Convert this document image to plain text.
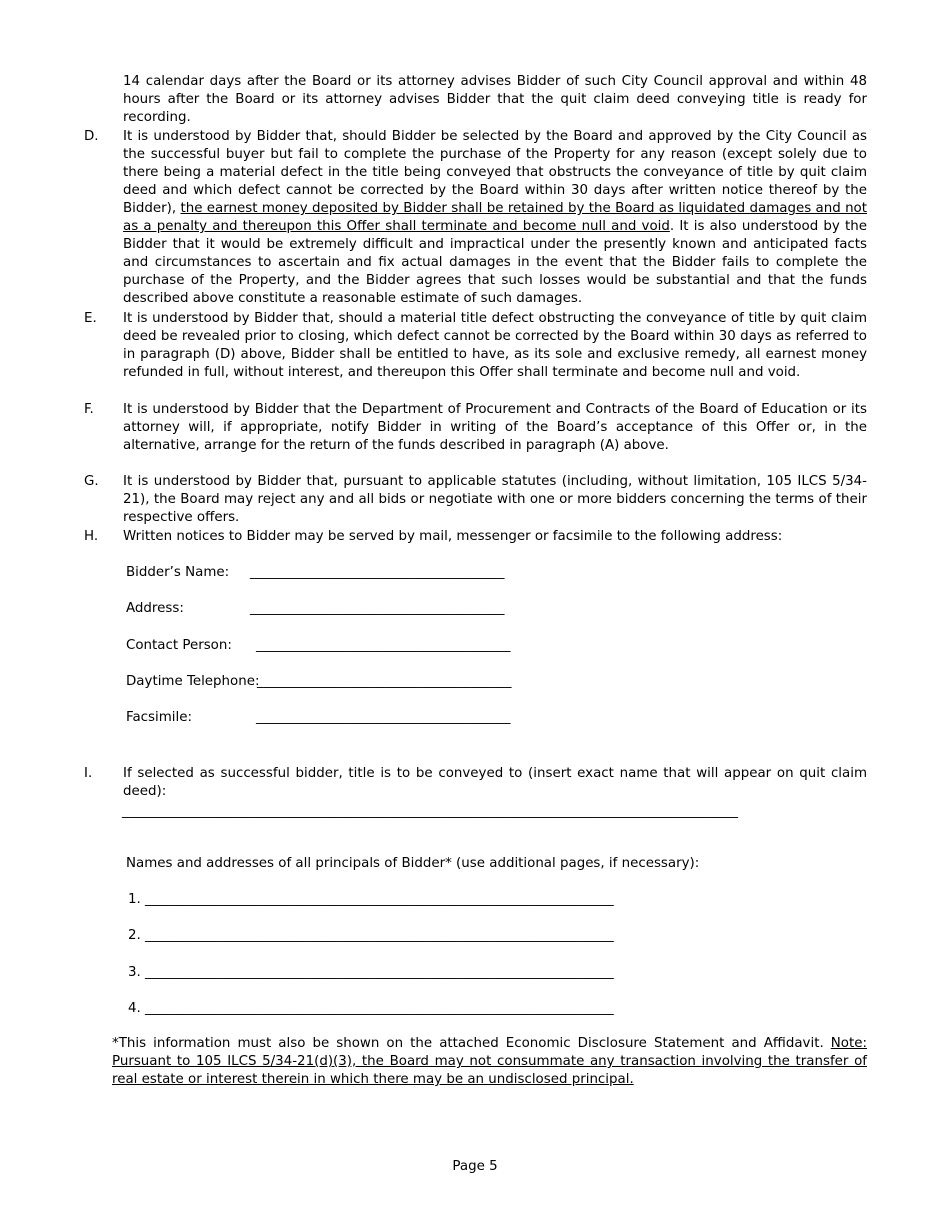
14 calendar days after the Board or its attorney advises Bidder of such City Council approval and within 48 hours after the Board or its attorney advises Bidder that the quit claim deed conveying title is ready for recording.

D. It is understood by Bidder that, should Bidder be selected by the Board and approved by the City Council as the successful buyer but fail to complete the purchase of the Property for any reason (except solely due to there being a material defect in the title being conveyed that obstructs the conveyance of title by quit claim deed and which defect cannot be corrected by the Board within 30 days after written notice thereof by the Bidder), the earnest money deposited by Bidder shall be retained by the Board as liquidated damages and not as a penalty and thereupon this Offer shall terminate and become null and void. It is also understood by the Bidder that it would be extremely difficult and impractical under the presently known and anticipated facts and circumstances to ascertain and fix actual damages in the event that the Bidder fails to complete the purchase of the Property, and the Bidder agrees that such losses would be substantial and that the funds described above constitute a reasonable estimate of such damages.

E. It is understood by Bidder that, should a material title defect obstructing the conveyance of title by quit claim deed be revealed prior to closing, which defect cannot be corrected by the Board within 30 days as referred to in paragraph (D) above, Bidder shall be entitled to have, as its sole and exclusive remedy, all earnest money refunded in full, without interest, and thereupon this Offer shall terminate and become null and void.

F. It is understood by Bidder that the Department of Procurement and Contracts of the Board of Education or its attorney will, if appropriate, notify Bidder in writing of the Board’s acceptance of this Offer or, in the alternative, arrange for the return of the funds described in paragraph (A) above.

G. It is understood by Bidder that, pursuant to applicable statutes (including, without limitation, 105 ILCS 5/34-21), the Board may reject any and all bids or negotiate with one or more bidders concerning the terms of their respective offers.

H. Written notices to Bidder may be served by mail, messenger or facsimile to the following address:

Bidder’s Name: ______________________________________
Address:	______________________________________
Contact Person: ______________________________________
Daytime Telephone:
______________________________________
Facsimile:	______________________________________
I. If selected as successful bidder, title is to be conveyed to (insert exact name that will appear on quit claim deed):

____________________________________________________________________________________________
Names and addresses of all principals of Bidder* (use additional pages, if necessary):
1. ______________________________________________________________________
2. ______________________________________________________________________
3. ______________________________________________________________________
4. ______________________________________________________________________

*This information must also be shown on the attached Economic Disclosure Statement and Affidavit. Note: Pursuant to 105 ILCS 5/34-21(d)(3), the Board may not consummate any transaction involving the transfer of real estate or interest therein in which there may be an undisclosed principal.

Page 5
